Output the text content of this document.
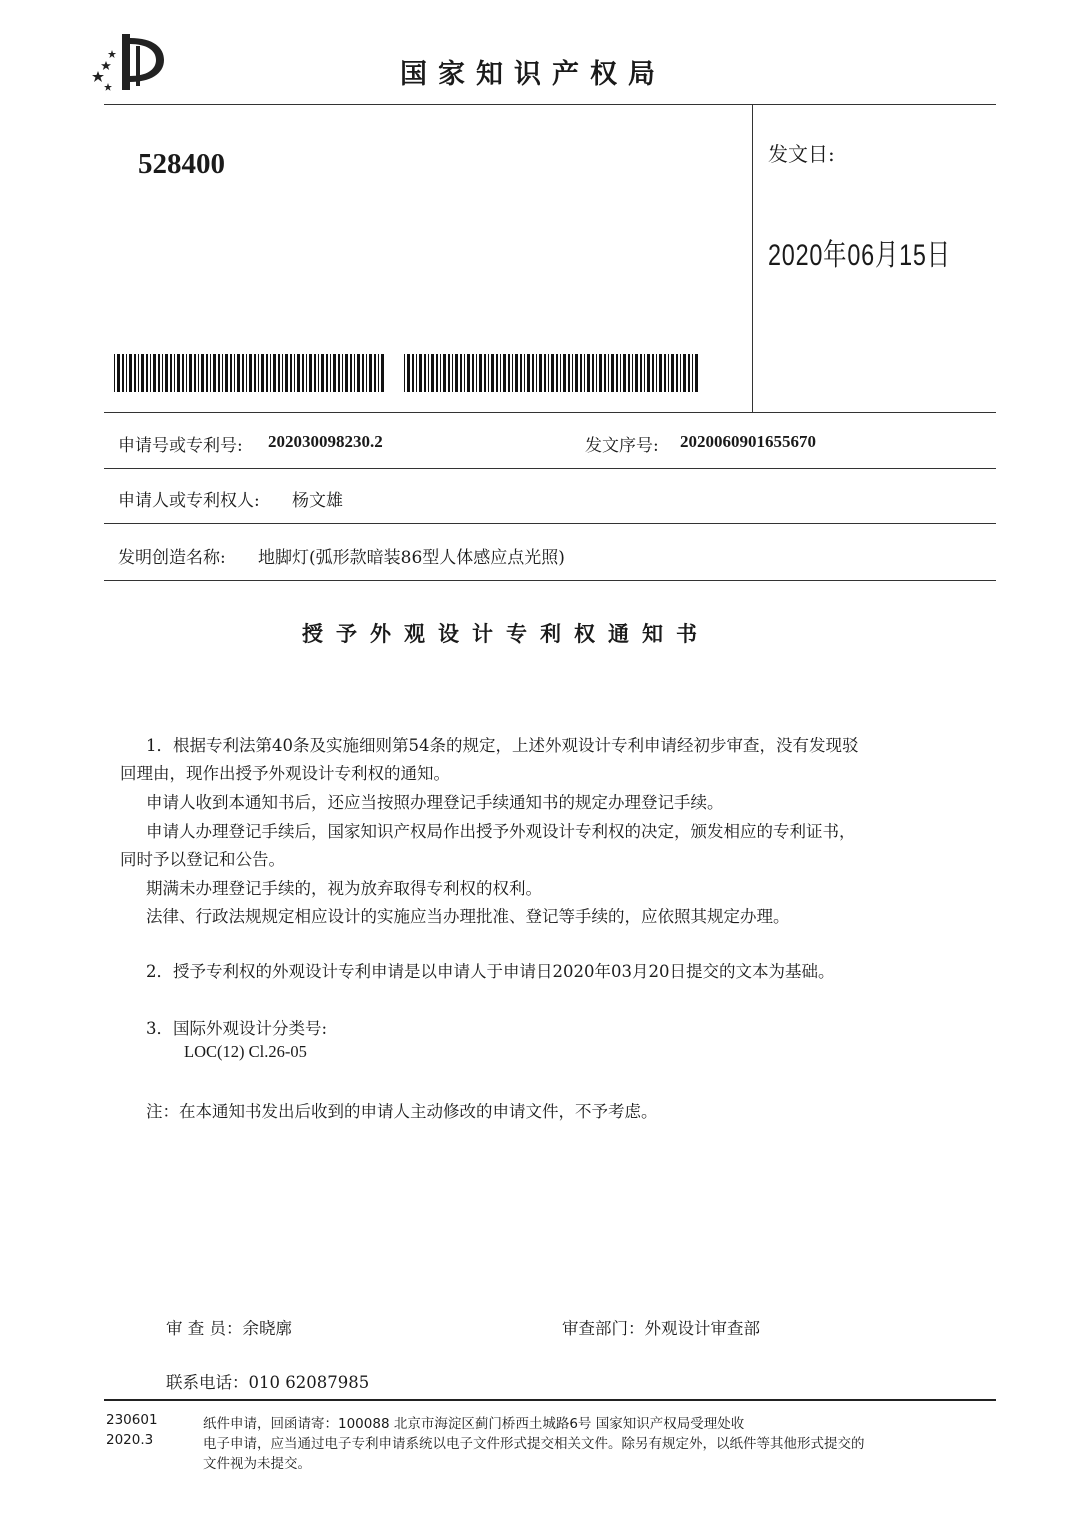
国家知识产权局
528400	发文日:
2020年06月15日
申请号或专利号: 202030098230.2	发文序号: 2020060901655670
申请人或专利权人: 杨文雄
发明创造名称: 地脚灯(弧形款暗装86型人体感应点光照)
授予外观设计专利权通知书
1．根据专利法第40条及实施细则第54条的规定，上述外观设计专利申请经初步审查，没有发现驳
回理由，现作出授予外观设计专利权的通知。
申请人收到本通知书后，还应当按照办理登记手续通知书的规定办理登记手续。
申请人办理登记手续后，国家知识产权局作出授予外观设计专利权的决定，颁发相应的专利证书，
同时予以登记和公告。
期满未办理登记手续的，视为放弃取得专利权的权利。
法律、行政法规规定相应设计的实施应当办理批准、登记等手续的，应依照其规定办理。
2．授予专利权的外观设计专利申请是以申请人于申请日2020年03月20日提交的文本为基础。
3．国际外观设计分类号:
LOC(12) Cl.26-05
注：在本通知书发出后收到的申请人主动修改的申请文件，不予考虑。
审 查 员：余晓廓	审查部门：外观设计审查部
联系电话：010 62087985
230601
2020.3
纸件申请，回函请寄：100088 北京市海淀区蓟门桥西土城路6号 国家知识产权局受理处收
电子申请，应当通过电子专利申请系统以电子文件形式提交相关文件。除另有规定外，以纸件等其他形式提交的
文件视为未提交。
